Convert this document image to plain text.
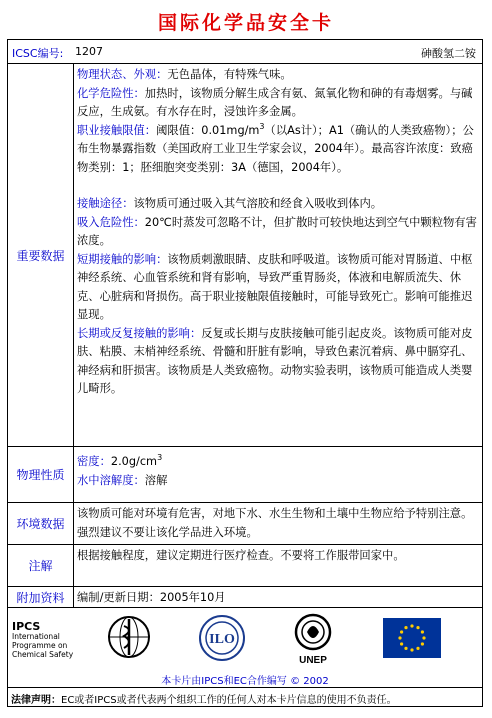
国际化学品安全卡
ICSC编号: 1207	砷酸氢二铵
重要数据

物理状态、外观：无色晶体，有特殊气味。

化学危险性：加热时，该物质分解生成含有氨、氮氧化物和砷的有毒烟雾。与碱反应，生成氨。有水存在时，浸蚀许多金属。

职业接触限值：阈限值：$0.01mg/m^3$（以As计）；A1（确认的人类致癌物）；公布生物暴露指数（美国政府工业卫生学家会议，2004年）。最高容许浓度：致癌物类别：1；胚细胞突变类别：3A（德国，2004年）。

接触途径：该物质可通过吸入其气溶胶和经食入吸收到体内。

吸入危险性：20℃时蒸发可忽略不计，但扩散时可较快地达到空气中颗粒物有害浓度。

短期接触的影响：该物质刺激眼睛、皮肤和呼吸道。该物质可能对胃肠道、中枢神经系统、心血管系统和肾有影响，导致严重胃肠炎，体液和电解质流失、休克、心脏病和肾损伤。高于职业接触限值接触时，可能导致死亡。影响可能推迟显现。

长期或反复接触的影响：反复或长期与皮肤接触可能引起皮炎。该物质可能对皮肤、粘膜、末梢神经系统、骨髓和肝脏有影响，导致色素沉着病、鼻中膈穿孔、神经病和肝损害。该物质是人类致癌物。动物实验表明，该物质可能造成人类婴儿畸形。

物理性质

密度：$2.0g/cm^3$

水中溶解度：溶解

环境数据
该物质可能对环境有危害，对地下水、水生生物和土壤中生物应给予特别注意。强烈建议不要让该化学品进入环境。
注解
根据接触程度，建议定期进行医疗检查。不要将工作服带回家中。
附加资料	编制/更新日期：2005年10月
IPCS
International
Programme on
Chemical Safety
ILO
UNEP
本卡片由IPCS和EC合作编写 © 2002
法律声明：EC或者IPCS或者代表两个组织工作的任何人对本卡片信息的使用不负责任。
